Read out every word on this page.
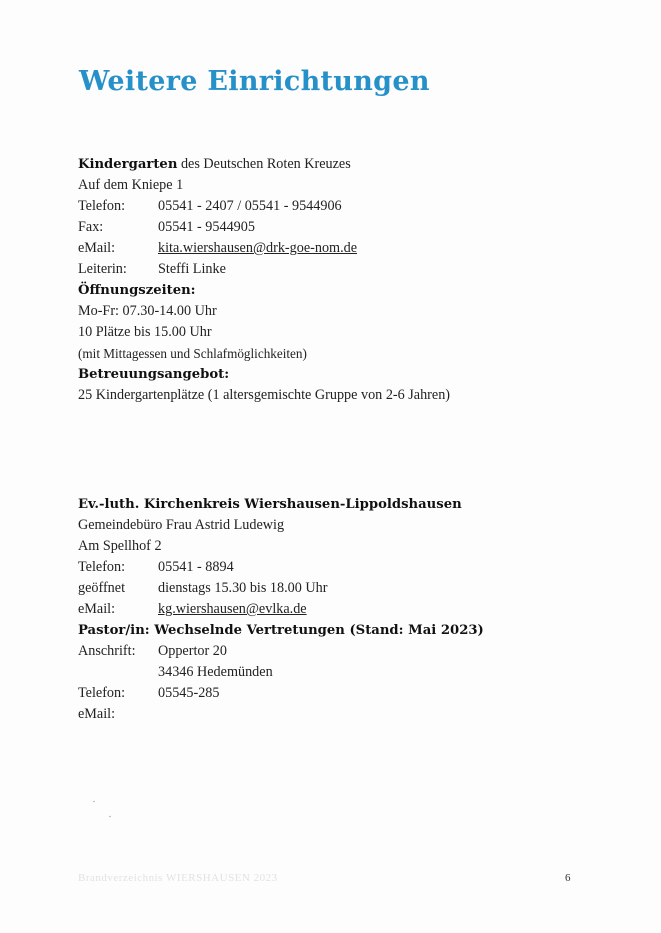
Weitere Einrichtungen
Kindergarten des Deutschen Roten Kreuzes
Auf dem Kniepe 1
Telefon:	05541 - 2407 / 05541 - 9544906
Fax:	05541 - 9544905
eMail:	kita.wiershausen@drk-goe-nom.de
Leiterin:	Steffi Linke
Öffnungszeiten:
Mo-Fr: 07.30-14.00 Uhr
10 Plätze bis 15.00 Uhr
(mit Mittagessen und Schlafmöglichkeiten)
Betreuungsangebot:
25 Kindergartenplätze (1 altersgemischte Gruppe von 2-6 Jahren)
Ev.-luth. Kirchenkreis Wiershausen-Lippoldshausen
Gemeindebüro Frau Astrid Ludewig
Am Spellhof 2
Telefon:	05541 - 8894
geöffnet	dienstags 15.30 bis 18.00 Uhr
eMail:	kg.wiershausen@evlka.de
Pastor/in: Wechselnde Vertretungen (Stand: Mai 2023)
Anschrift:	Oppertor 20
34346 Hedemünden
Telefon:	05545-285
eMail:
Brandverzeichnis WIERSHAUSEN 2023	6
